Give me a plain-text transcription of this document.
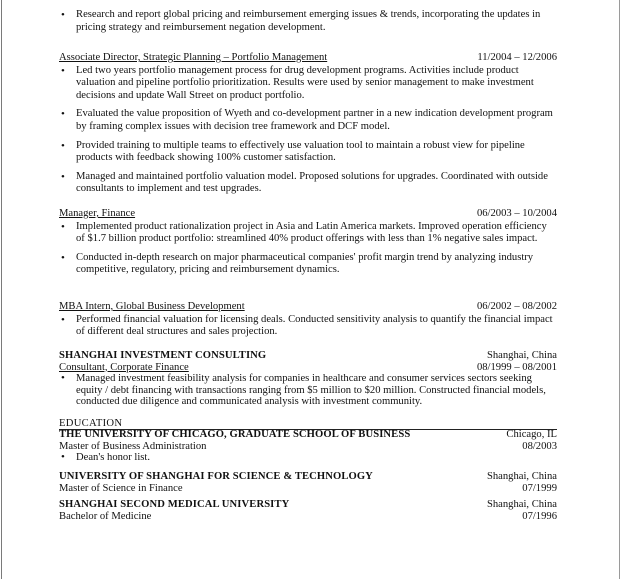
• Research and report global pricing and reimbursement emerging issues & trends, incorporating the updates in pricing strategy and reimbursement negation development.
Associate Director, Strategic Planning – Portfolio Management	11/2004 – 12/2006
• Led two years portfolio management process for drug development programs. Activities include product valuation and pipeline portfolio prioritization. Results were used by senior management to make investment decisions and update Wall Street on product portfolio.
• Evaluated the value proposition of Wyeth and co-development partner in a new indication development program by framing complex issues with decision tree framework and DCF model.
• Provided training to multiple teams to effectively use valuation tool to maintain a robust view for pipeline products with feedback showing 100% customer satisfaction.
• Managed and maintained portfolio valuation model. Proposed solutions for upgrades. Coordinated with outside consultants to implement and test upgrades.
Manager, Finance	06/2003 – 10/2004
• Implemented product rationalization project in Asia and Latin America markets. Improved operation efficiency of $1.7 billion product portfolio: streamlined 40% product offerings with less than 1% negative sales impact.
• Conducted in-depth research on major pharmaceutical companies' profit margin trend by analyzing industry competitive, regulatory, pricing and reimbursement dynamics.
MBA Intern, Global Business Development	06/2002 – 08/2002
• Performed financial valuation for licensing deals. Conducted sensitivity analysis to quantify the financial impact of different deal structures and sales projection.
SHANGHAI INVESTMENT CONSULTING	Shanghai, China
Consultant, Corporate Finance	08/1999 – 08/2001
• Managed investment feasibility analysis for companies in healthcare and consumer services sectors seeking equity / debt financing with transactions ranging from $5 million to $20 million. Constructed financial models, conducted due diligence and communicated analysis with investment community.
EDUCATION
THE UNIVERSITY OF CHICAGO, GRADUATE SCHOOL OF BUSINESS	Chicago, IL
Master of Business Administration	08/2003
• Dean's honor list.
UNIVERSITY OF SHANGHAI FOR SCIENCE & TECHNOLOGY	Shanghai, China
Master of Science in Finance	07/1999
SHANGHAI SECOND MEDICAL UNIVERSITY	Shanghai, China
Bachelor of Medicine	07/1996
